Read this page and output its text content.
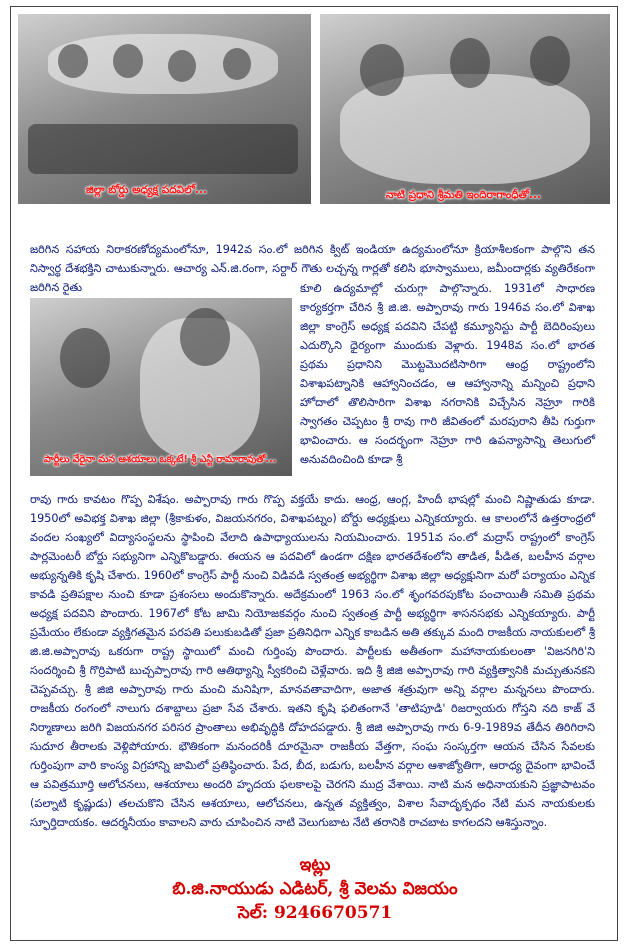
జిల్లా బోర్డు అధ్యక్ష పదవిలో...	నాటి ప్రధాని శ్రీమతి ఇందిరాగాంధీతో...

జరిగిన సహాయ నిరాకరణోద్యమంలోనూ, 1942వ సం.లో జరిగిన క్విట్ ఇండియా ఉద్యమంలోనూ క్రియాశీలకంగా పాల్గొని తన నిస్వార్థ దేశభక్తిని చాటుకున్నారు. ఆచార్య ఎన్.జి.రంగా, సర్దార్ గౌతు లచ్చన్న గార్లతో కలిసి భూస్వాములు, జమీందార్లకు వ్యతిరేకంగా జరిగిన రైతు

పార్టీలు వేరైనా మన ఆశయాలు ఒక్కటే! శ్రీ ఎన్టీ రామారావుతో...

కూలి ఉద్యమాల్లో చురుగ్గా పాల్గొన్నారు. 1931లో సాధారణ కార్యకర్తగా చేరిన శ్రీ జి.జి. అప్పారావు గారు 1946వ సం.లో విశాఖ జిల్లా కాంగ్రెస్ అధ్యక్ష పదవిని చేపట్టి కమ్యూనిస్టు పార్టీ బెదిరింపులు ఎదుర్కొని ధైర్యంగా ముందుకు వెళ్లారు. 1948వ సం.లో భారత ప్రథమ ప్రధానిని మొట్టమొదటిసారిగా ఆంధ్ర రాష్ట్రంలోని విశాఖపట్నానికి ఆహ్వానించడం, ఆ ఆహ్వానాన్ని మన్నించి ప్రధాని హోదాలో తొలిసారిగా విశాఖ నగరానికి విచ్చేసిన నెహ్రూ గారికి స్వాగతం చెప్పటం శ్రీ రావు గారి జీవితంలో మరపురాని తీపి గుర్తుగా భావించారు. ఆ సందర్భంగా నెహ్రూ గారి ఉపన్యాసాన్ని తెలుగులో అనువదించింది కూడా శ్రీ

రావు గారు కావటం గొప్ప విశేషం. అప్పారావు గారు గొప్ప వక్తయే కాదు. ఆంధ్ర, ఆంగ్ల, హిందీ భాషల్లో మంచి నిష్ణాతుడు కూడా. 1950లో అవిభక్త విశాఖ జిల్లా (శ్రీకాకుళం, విజయనగరం, విశాఖపట్నం) బోర్డు అధ్యక్షులు ఎన్నికయ్యారు. ఆ కాలంలోనే ఉత్తరాంధ్రలో వందల సంఖ్యలో విద్యాసంస్థలను స్థాపించి వేలాది ఉపాధ్యాయులను నియమించారు. 1951వ సం.లో మద్రాస్ రాష్ట్రంలో కాంగ్రెస్ పార్లమెంటరీ బోర్డు సభ్యునిగా ఎన్నికొబడ్డారు. ఈయన ఆ పదవిలో ఉండగా దక్షిణ భారతదేశంలోని తాడిత, పీడిత, బలహీన వర్గాల అభ్యున్నతికి కృషి చేశారు. 1960లో కాంగ్రెస్ పార్టీ నుంచి విడివడి స్వతంత్ర అభ్యర్థిగా విశాఖ జిల్లా అధ్యక్షునిగా మరో పర్యాయం ఎన్నిక కావడి ప్రతిపక్షాల నుంచి కూడా ప్రశంసలు అందుకొన్నారు. అదేక్రమంలో 1963 సం.లో శృంగవరపుకోట పంచాయితీ సమితి ప్రథమ అధ్యక్ష పదవిని పొందారు. 1967లో కోట జామి నియోజకవర్గం నుంచి స్వతంత్ర పార్టీ అభ్యర్థిగా శాసనసభకు ఎన్నికయ్యారు. పార్టీ ప్రమేయం లేకుండా వ్యక్తిగతమైన పరపతి పలుకుబడితో ప్రజా ప్రతినిధిగా ఎన్నిక కాబడిన అతి తక్కువ మంది రాజకీయ నాయకులలో శ్రీ జి.జి.అప్పారావు ఒకరుగా రాష్ట్ర స్థాయిలో మంచి గుర్తింపు పొందారు. పార్టీలకు అతీతంగా మహానాయకులంతా 'విజనగిరి'ని సందర్శించి శ్రీ గొర్రిపాటి బుచ్చప్పారావు గారి ఆతిథ్యాన్ని స్వీకరించి చెళ్లేవారు. ఇది శ్రీ జిజి అప్పారావు గారి వ్యక్తిత్వానికి మచ్చుతునకని చెప్పవచ్చు. శ్రీ జిజి అప్పారావు గారు మంచి మనిషిగా, మానవతావాదిగా, అజాత శత్రువుగా అన్ని వర్గాల మన్ననలు పొందారు. రాజకీయ రంగంలో నాలుగు దశాబ్దాలు ప్రజా సేవ చేశారు. ఇతని కృషి ఫలితంగానే 'తాటిపూడి' రిజర్వాయరు గోస్తని నది కాజ్ వే నిర్మాణాలు జరిగి విజయనగర పరిసర ప్రాంతాలు అభివృద్ధికి దోహదపడ్డారు. శ్రీ జిజి అప్పారావు గారు 6-9-1989వ తేదీన తిరిగిరాని సుదూర తీరాలకు వెళ్లిపోయారు. భౌతికంగా మనందరికీ దూరమైనా రాజకీయ వేత్తగా, సంఘ సంస్కర్తగా ఆయన చేసిన సేవలకు గుర్తింపుగా వారి కాంస్య విగ్రహాన్ని జామిలో ప్రతిష్ఠించారు. పేద, బీద, బడుగు, బలహీన వర్గాల ఆశాజ్యోతిగా, ఆరాధ్య దైవంగా భావించే ఆ పవిత్రమూర్తి ఆలోచనలు, ఆశయాలు అందరి హృదయ ఫలకాలపై చెరగని ముద్ర వేశాయి. నాటి మన అధినాయకుని ప్రజ్ఞాపాటవం (పల్నాటి కృష్ణుడు) తలచుకొని చేసిన ఆశయాలు, ఆలోచనలు, ఉన్నత వ్యక్తిత్వం, విశాల సేవాదృక్పథం నేటి మన నాయకులకు స్ఫూర్తిదాయకం. ఆదర్శనీయం కావాలని వారు చూపించిన నాటి వెలుగుబాట నేటి తరానికి రాచబాట కాగలదని ఆశిస్తున్నాం.

ఇట్లు
బి.జి.నాయుడు ఎడిటర్, శ్రీ వెలమ విజయం
సెల్: 9246670571
